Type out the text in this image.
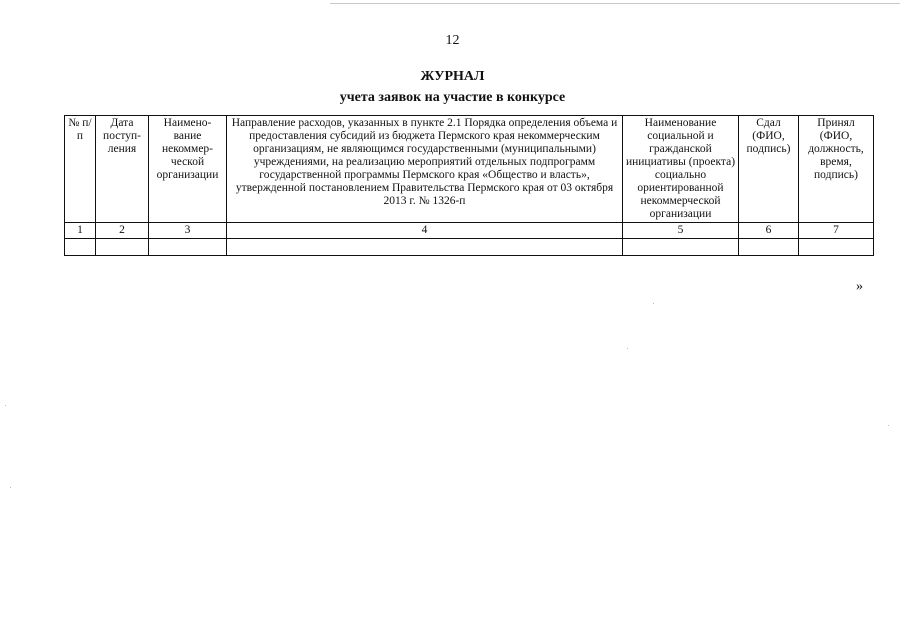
12
ЖУРНАЛ
учета заявок на участие в конкурсе
№ п/п	Дата поступ-ления	Наимено-вание некоммер-ческой организации	Направление расходов, указанных в пункте 2.1 Порядка определения объема и предоставления субсидий из бюджета Пермского края некоммерческим организациям, не являющимся государственными (муниципальными) учреждениями, на реализацию мероприятий отдельных подпрограмм государственной программы Пермского края «Общество и власть», утвержденной постановлением Правительства Пермского края от 03 октября 2013 г. № 1326-п	Наименование социальной и гражданской инициативы (проекта) социально ориентированной некоммерческой организации	Сдал (ФИО, подпись)	Принял (ФИО, должность, время, подпись)
1	2	3	4	5	6	7

»
